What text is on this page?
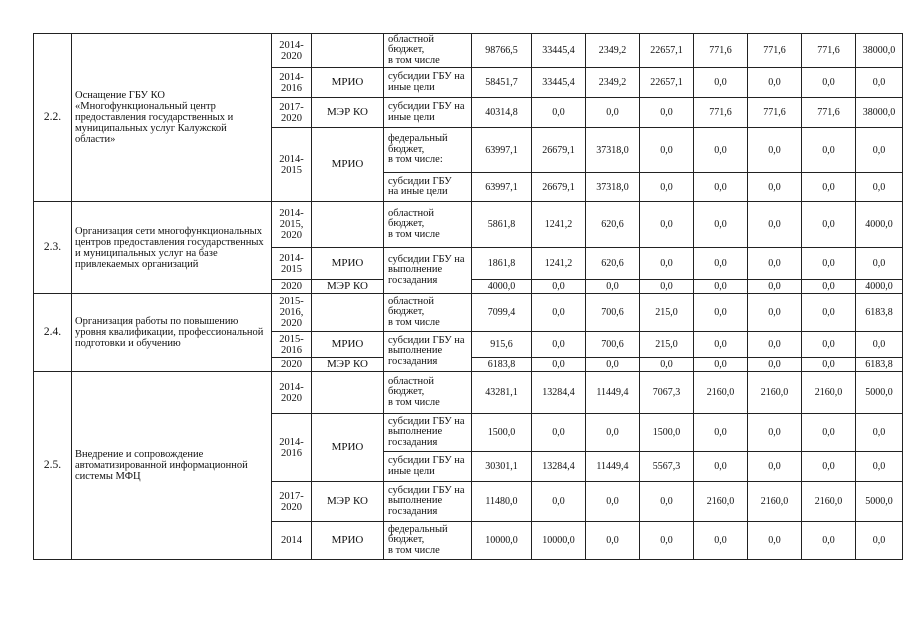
2.2.	Оснащение ГБУ КО «Многофункциональный центр предоставления государственных и муниципальных услуг Калужской области»	2014-
2020		областной
бюджет,
в том числе	98766,5	33445,4	2349,2	22657,1	771,6	771,6	771,6	38000,0
		2014-
2016	МРИО	субсидии ГБУ на
иные цели	58451,7	33445,4	2349,2	22657,1	0,0	0,0	0,0	0,0
		2017-
2020	МЭР КО	субсидии ГБУ на
иные цели	40314,8	0,0	0,0	0,0	771,6	771,6	771,6	38000,0
		2014-
2015	МРИО	федеральный
бюджет,
в том числе:	63997,1	26679,1	37318,0	0,0	0,0	0,0	0,0	0,0
				субсидии ГБУ
на иные цели	63997,1	26679,1	37318,0	0,0	0,0	0,0	0,0	0,0
2.3.	Организация сети многофункциональных центров предоставления государственных и муниципальных услуг на базе привлекаемых организаций	2014-
2015,
2020		областной
бюджет,
в том числе	5861,8	1241,2	620,6	0,0	0,0	0,0	0,0	4000,0
		2014-
2015	МРИО	субсидии ГБУ на
выполнение
госзадания	1861,8	1241,2	620,6	0,0	0,0	0,0	0,0	0,0
		2020	МЭР КО		4000,0	0,0	0,0	0,0	0,0	0,0	0,0	4000,0
2.4.	Организация работы по повышению уровня квалификации, профессиональной подготовки и обучению	2015-
2016,
2020		областной
бюджет,
в том числе	7099,4	0,0	700,6	215,0	0,0	0,0	0,0	6183,8
		2015-
2016	МРИО	субсидии ГБУ на
выполнение
госзадания	915,6	0,0	700,6	215,0	0,0	0,0	0,0	0,0
		2020	МЭР КО		6183,8	0,0	0,0	0,0	0,0	0,0	0,0	6183,8
2.5.	Внедрение и сопровождение автоматизированной информационной системы МФЦ	2014-
2020		областной
бюджет,
в том числе	43281,1	13284,4	11449,4	7067,3	2160,0	2160,0	2160,0	5000,0
		2014-
2016	МРИО	субсидии ГБУ на
выполнение
госзадания	1500,0	0,0	0,0	1500,0	0,0	0,0	0,0	0,0
				субсидии ГБУ на
иные цели	30301,1	13284,4	11449,4	5567,3	0,0	0,0	0,0	0,0
		2017-
2020	МЭР КО	субсидии ГБУ на
выполнение
госзадания	11480,0	0,0	0,0	0,0	2160,0	2160,0	2160,0	5000,0
		2014	МРИО	федеральный
бюджет,
в том числе	10000,0	10000,0	0,0	0,0	0,0	0,0	0,0	0,0
